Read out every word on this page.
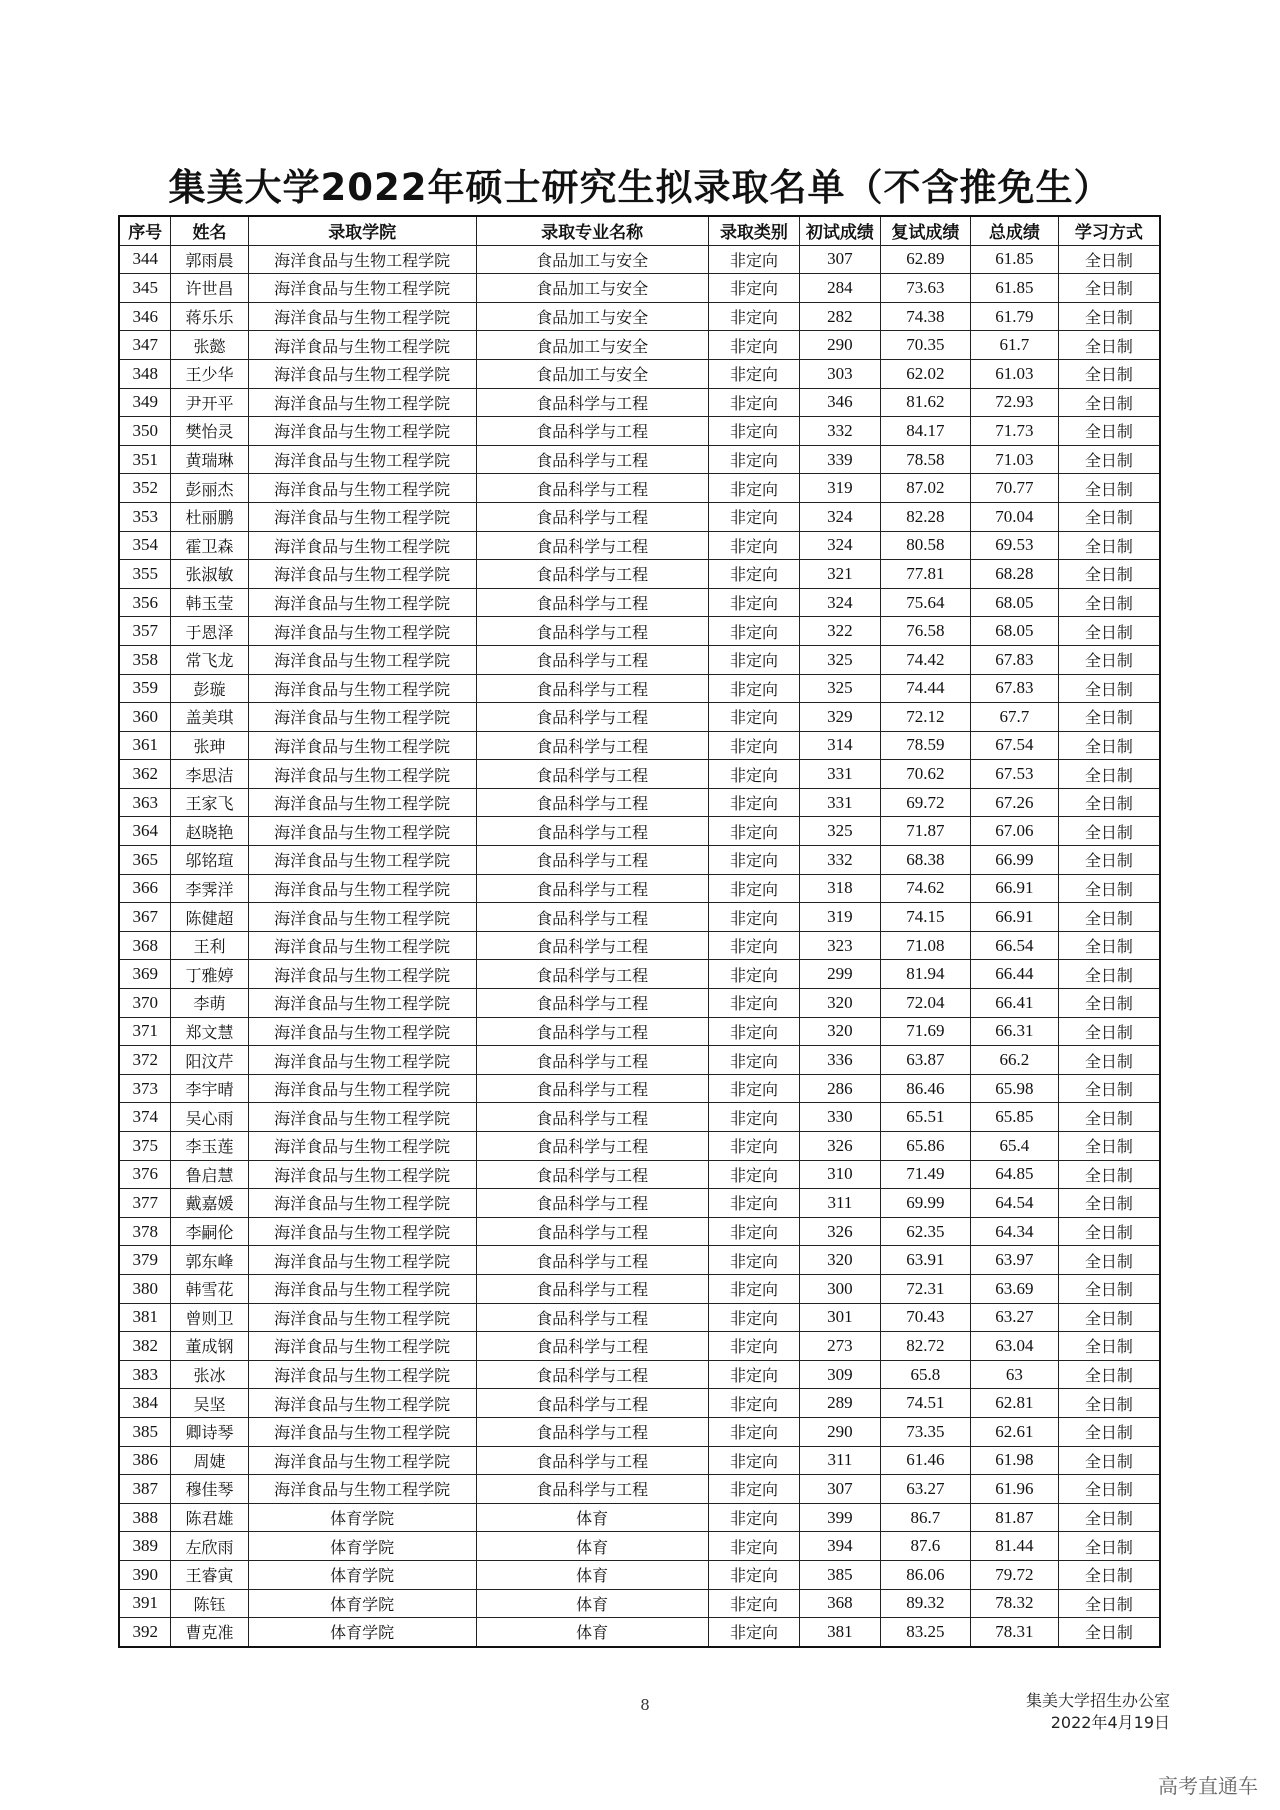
集美大学2022年硕士研究生拟录取名单（不含推免生）
序号	姓名	录取学院	录取专业名称	录取类别	初试成绩	复试成绩	总成绩	学习方式
344	郭雨晨	海洋食品与生物工程学院	食品加工与安全	非定向	307	62.89	61.85	全日制
345	许世昌	海洋食品与生物工程学院	食品加工与安全	非定向	284	73.63	61.85	全日制
346	蒋乐乐	海洋食品与生物工程学院	食品加工与安全	非定向	282	74.38	61.79	全日制
347	张懿	海洋食品与生物工程学院	食品加工与安全	非定向	290	70.35	61.7	全日制
348	王少华	海洋食品与生物工程学院	食品加工与安全	非定向	303	62.02	61.03	全日制
349	尹开平	海洋食品与生物工程学院	食品科学与工程	非定向	346	81.62	72.93	全日制
350	樊怡灵	海洋食品与生物工程学院	食品科学与工程	非定向	332	84.17	71.73	全日制
351	黄瑞琳	海洋食品与生物工程学院	食品科学与工程	非定向	339	78.58	71.03	全日制
352	彭丽杰	海洋食品与生物工程学院	食品科学与工程	非定向	319	87.02	70.77	全日制
353	杜丽鹏	海洋食品与生物工程学院	食品科学与工程	非定向	324	82.28	70.04	全日制
354	霍卫森	海洋食品与生物工程学院	食品科学与工程	非定向	324	80.58	69.53	全日制
355	张淑敏	海洋食品与生物工程学院	食品科学与工程	非定向	321	77.81	68.28	全日制
356	韩玉莹	海洋食品与生物工程学院	食品科学与工程	非定向	324	75.64	68.05	全日制
357	于恩泽	海洋食品与生物工程学院	食品科学与工程	非定向	322	76.58	68.05	全日制
358	常飞龙	海洋食品与生物工程学院	食品科学与工程	非定向	325	74.42	67.83	全日制
359	彭璇	海洋食品与生物工程学院	食品科学与工程	非定向	325	74.44	67.83	全日制
360	盖美琪	海洋食品与生物工程学院	食品科学与工程	非定向	329	72.12	67.7	全日制
361	张珅	海洋食品与生物工程学院	食品科学与工程	非定向	314	78.59	67.54	全日制
362	李思洁	海洋食品与生物工程学院	食品科学与工程	非定向	331	70.62	67.53	全日制
363	王家飞	海洋食品与生物工程学院	食品科学与工程	非定向	331	69.72	67.26	全日制
364	赵晓艳	海洋食品与生物工程学院	食品科学与工程	非定向	325	71.87	67.06	全日制
365	邬铭瑄	海洋食品与生物工程学院	食品科学与工程	非定向	332	68.38	66.99	全日制
366	李霁洋	海洋食品与生物工程学院	食品科学与工程	非定向	318	74.62	66.91	全日制
367	陈健超	海洋食品与生物工程学院	食品科学与工程	非定向	319	74.15	66.91	全日制
368	王利	海洋食品与生物工程学院	食品科学与工程	非定向	323	71.08	66.54	全日制
369	丁雅婷	海洋食品与生物工程学院	食品科学与工程	非定向	299	81.94	66.44	全日制
370	李萌	海洋食品与生物工程学院	食品科学与工程	非定向	320	72.04	66.41	全日制
371	郑文慧	海洋食品与生物工程学院	食品科学与工程	非定向	320	71.69	66.31	全日制
372	阳汶芹	海洋食品与生物工程学院	食品科学与工程	非定向	336	63.87	66.2	全日制
373	李宇晴	海洋食品与生物工程学院	食品科学与工程	非定向	286	86.46	65.98	全日制
374	吴心雨	海洋食品与生物工程学院	食品科学与工程	非定向	330	65.51	65.85	全日制
375	李玉莲	海洋食品与生物工程学院	食品科学与工程	非定向	326	65.86	65.4	全日制
376	鲁启慧	海洋食品与生物工程学院	食品科学与工程	非定向	310	71.49	64.85	全日制
377	戴嘉媛	海洋食品与生物工程学院	食品科学与工程	非定向	311	69.99	64.54	全日制
378	李嗣伦	海洋食品与生物工程学院	食品科学与工程	非定向	326	62.35	64.34	全日制
379	郭东峰	海洋食品与生物工程学院	食品科学与工程	非定向	320	63.91	63.97	全日制
380	韩雪花	海洋食品与生物工程学院	食品科学与工程	非定向	300	72.31	63.69	全日制
381	曾则卫	海洋食品与生物工程学院	食品科学与工程	非定向	301	70.43	63.27	全日制
382	董成钢	海洋食品与生物工程学院	食品科学与工程	非定向	273	82.72	63.04	全日制
383	张冰	海洋食品与生物工程学院	食品科学与工程	非定向	309	65.8	63	全日制
384	吴坚	海洋食品与生物工程学院	食品科学与工程	非定向	289	74.51	62.81	全日制
385	卿诗琴	海洋食品与生物工程学院	食品科学与工程	非定向	290	73.35	62.61	全日制
386	周婕	海洋食品与生物工程学院	食品科学与工程	非定向	311	61.46	61.98	全日制
387	穆佳琴	海洋食品与生物工程学院	食品科学与工程	非定向	307	63.27	61.96	全日制
388	陈君雄	体育学院	体育	非定向	399	86.7	81.87	全日制
389	左欣雨	体育学院	体育	非定向	394	87.6	81.44	全日制
390	王睿寅	体育学院	体育	非定向	385	86.06	79.72	全日制
391	陈钰	体育学院	体育	非定向	368	89.32	78.32	全日制
392	曹克准	体育学院	体育	非定向	381	83.25	78.31	全日制
8	集美大学招生办公室
2022年4月19日
高考直通车
